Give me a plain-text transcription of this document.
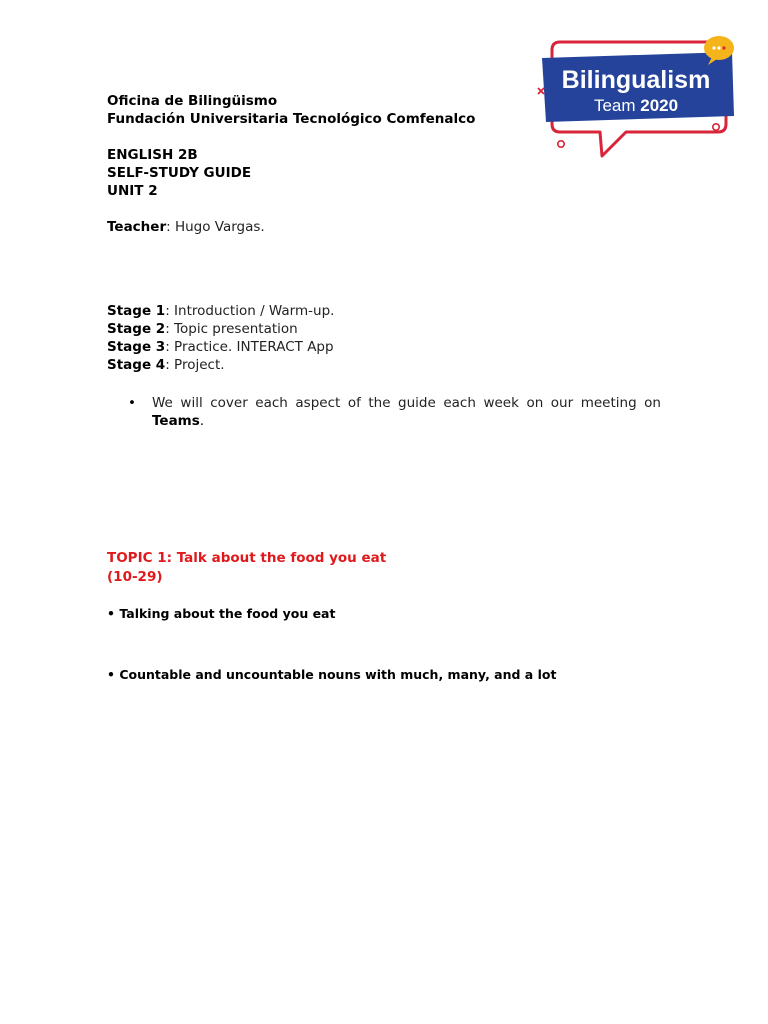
Oficina de Bilingüismo
Fundación Universitaria Tecnológico Comfenalco
ENGLISH 2B
SELF-STUDY GUIDE
UNIT 2
Teacher: Hugo Vargas.
Stage 1: Introduction / Warm-up.
Stage 2: Topic presentation
Stage 3: Practice. INTERACT App
Stage 4: Project.
• We will cover each aspect of the guide each week on our meeting on Teams.
TOPIC 1: Talk about the food you eat
(10-29)
• Talking about the food you eat
• Countable and uncountable nouns with much, many, and a lot
Bilingualism
Team 2020
